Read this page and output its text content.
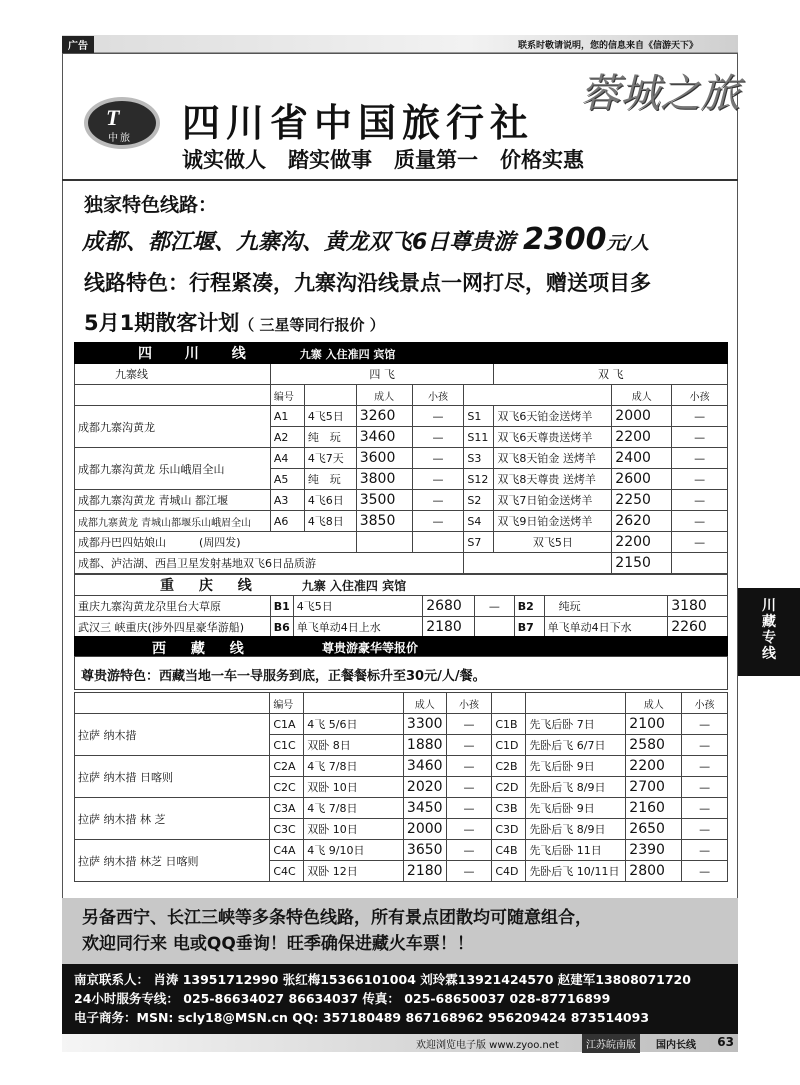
广告	联系时敬请说明，您的信息来自《信游天下》
T
中旅 四川省中国旅行社
蓉城之旅
诚实做人 踏实做事 质量第一 价格实惠
独家特色线路：
成都、都江堰、九寨沟、黄龙双飞6日尊贵游 2300元/人
线路特色：行程紧凑，九寨沟沿线景点一网打尽，赠送项目多
5月1期散客计划（ 三星等同行报价 ）
四 川 线 九寨 入住准四 宾馆								
九寨线	四 飞					双 飞		
	编号		成人	小孩			成人	小孩
成都九寨沟黄龙	A1	4飞5日	3260	—	S1	双飞6天铂金送烤羊	2000	—
	A2	纯　玩	3460	—	S11	双飞6天尊贵送烤羊	2200	—
成都九寨沟黄龙 乐山峨眉全山	A4	4飞7天	3600	—	S3	双飞8天铂金 送烤羊	2400	—
	A5	纯　玩	3800	—	S12	双飞8天尊贵 送烤羊	2600	—
成都九寨沟黄龙 青城山 都江堰	A3	4飞6日	3500	—	S2	双飞7日铂金送烤羊	2250	—
成都九寨黄龙 青城山都堰乐山峨眉全山	A6	4飞8日	3850	—	S4	双飞9日铂金送烤羊	2620	—
成都丹巴四姑娘山　　　 (周四发)					S7	双飞5日	2200	—
成都、泸沽湖、西昌卫星发射基地双飞6日品质游							2150	
重 庆 线 九寨 入住准四 宾馆							
重庆九寨沟黄龙尕里台大草原	B1	4飞5日	2680	—	B2	纯玩	3180
武汉三 峡重庆(涉外四星豪华游船)	B6	单飞单动4日上水	2180		B7	单飞单动4日下水	2260
西 藏 线	尊贵游豪华等报价
尊贵游特色：西藏当地一车一导服务到底，正餐餐标升至30元/人/餐。
	编号		成人	小孩			成人	小孩
拉萨 纳木措	C1A	4飞 5/6日	3300	—	C1B	先飞后卧 7日	2100	—
	C1C	双卧 8日	1880	—	C1D	先卧后飞 6/7日	2580	—
拉萨 纳木措 日喀则	C2A	4飞 7/8日	3460	—	C2B	先飞后卧 9日	2200	—
	C2C	双卧 10日	2020	—	C2D	先卧后飞 8/9日	2700	—
拉萨 纳木措 林 芝	C3A	4飞 7/8日	3450	—	C3B	先飞后卧 9日	2160	—
	C3C	双卧 10日	2000	—	C3D	先卧后飞 8/9日	2650	—
拉萨 纳木措 林芝 日喀则	C4A	4飞 9/10日	3650	—	C4B	先飞后卧 11日	2390	—
	C4C	双卧 12日	2180	—	C4D	先卧后飞 10/11日	2800	—
川
藏
专
线
另备西宁、长江三峡等多条特色线路，所有景点团散均可随意组合，
欢迎同行来 电或QQ垂询！旺季确保进藏火车票！！
南京联系人： 肖涛 13951712990 张红梅15366101004 刘玲霖13921424570 赵建军13808071720
24小时服务专线： 025-86634027 86634037 传真： 025-68650037 028-87716899
电子商务：MSN: scly18@MSN.cn QQ: 357180489 867168962 956209424 873514093
欢迎浏览电子版 www.zyoo.net	江苏皖南版	国内长线 63
